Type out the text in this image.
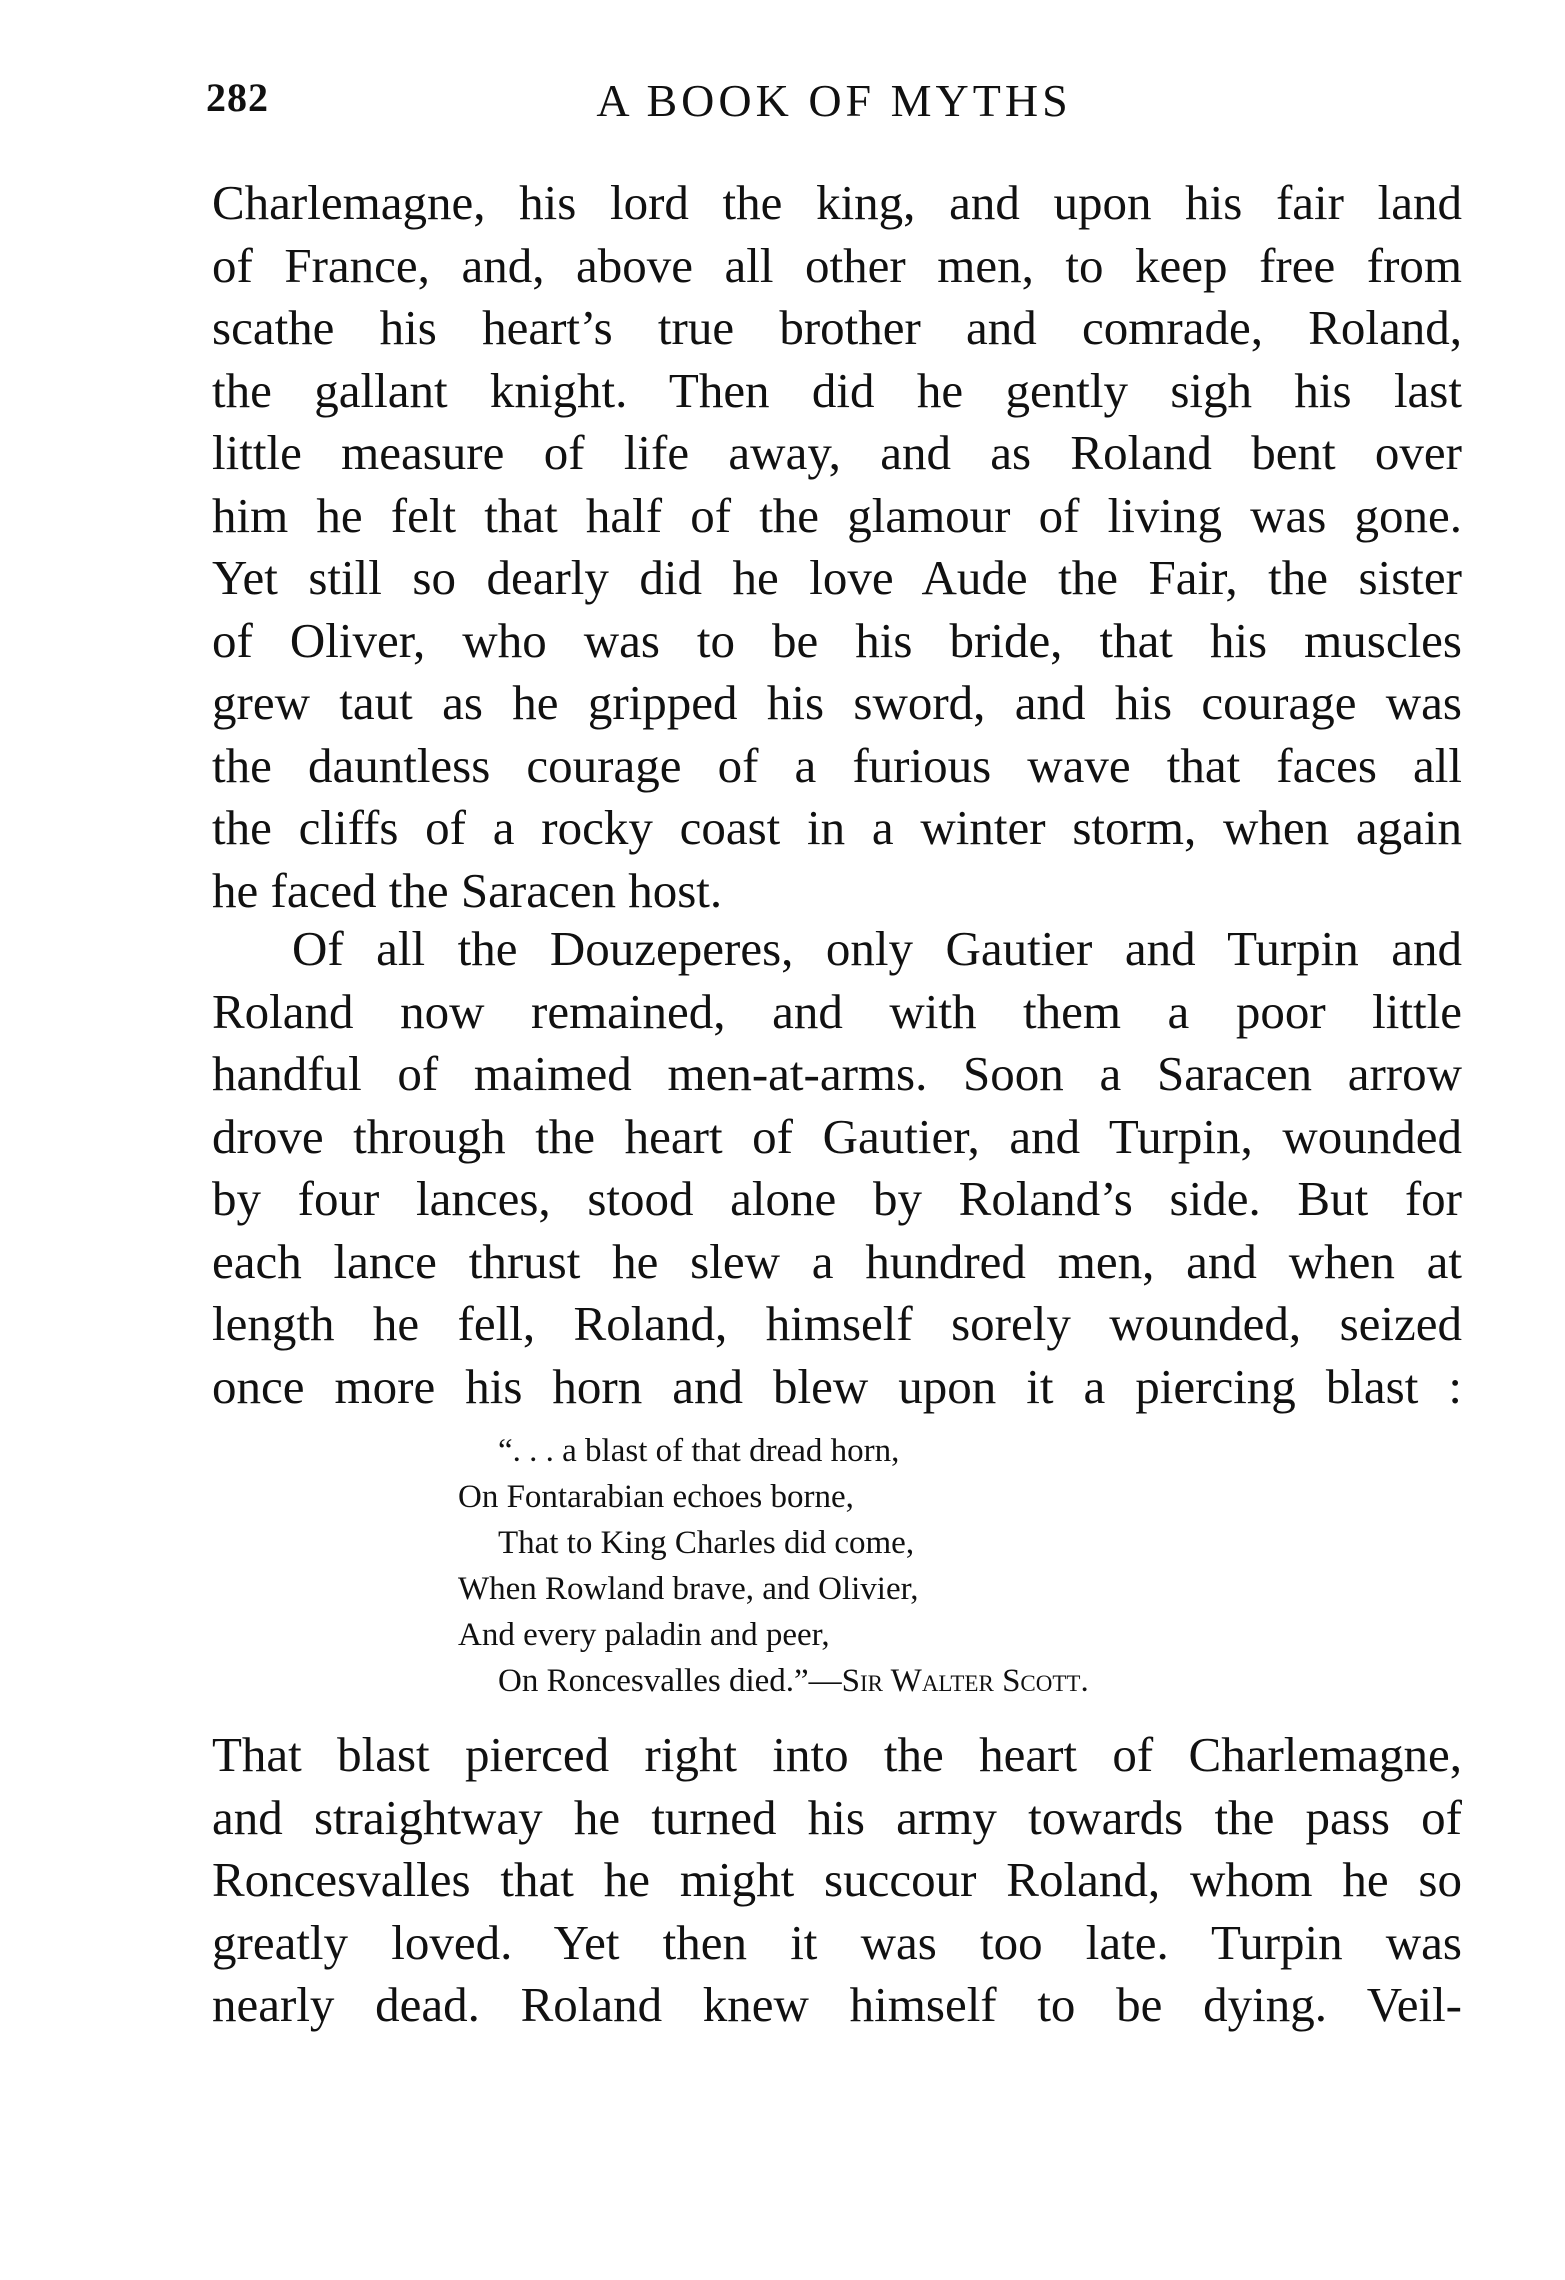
282	A BOOK OF MYTHS
Charlemagne, his lord the king, and upon his fair land
of France, and, above all other men, to keep free from
scathe his heart’s true brother and comrade, Roland,
the gallant knight. Then did he gently sigh his last
little measure of life away, and as Roland bent over
him he felt that half of the glamour of living was gone.
Yet still so dearly did he love Aude the Fair, the sister
of Oliver, who was to be his bride, that his muscles
grew taut as he gripped his sword, and his courage was
the dauntless courage of a furious wave that faces all
the cliffs of a rocky coast in a winter storm, when again
he faced the Saracen host.
Of all the Douzeperes, only Gautier and Turpin and
Roland now remained, and with them a poor little
handful of maimed men-at-arms. Soon a Saracen arrow
drove through the heart of Gautier, and Turpin, wounded
by four lances, stood alone by Roland’s side. But for
each lance thrust he slew a hundred men, and when at
length he fell, Roland, himself sorely wounded, seized
once more his horn and blew upon it a piercing blast :
“. . . a blast of that dread horn,
On Fontarabian echoes borne,
That to King Charles did come,
When Rowland brave, and Olivier,
And every paladin and peer,
On Roncesvalles died.”—Sir Walter Scott.
That blast pierced right into the heart of Charlemagne,
and straightway he turned his army towards the pass of
Roncesvalles that he might succour Roland, whom he so
greatly loved. Yet then it was too late. Turpin was
nearly dead. Roland knew himself to be dying. Veil-
